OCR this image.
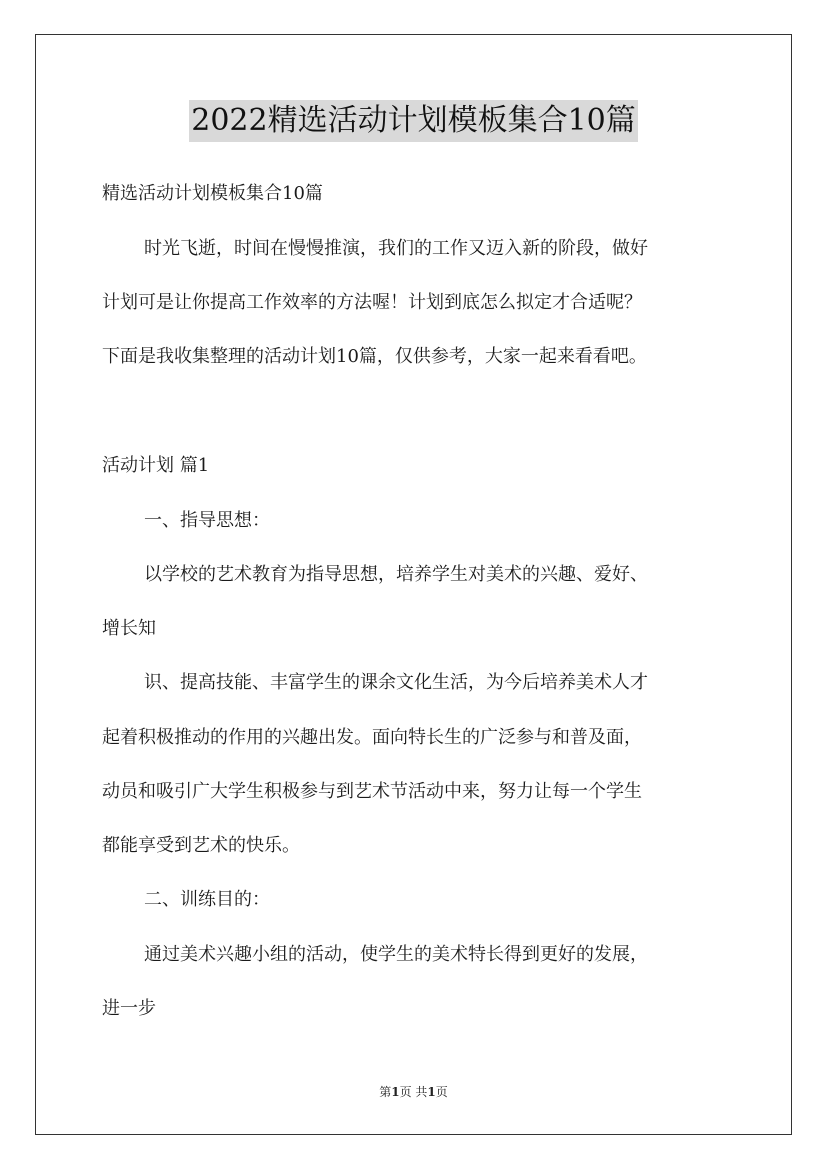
2022精选活动计划模板集合10篇
精选活动计划模板集合10篇
时光飞逝，时间在慢慢推演，我们的工作又迈入新的阶段，做好
计划可是让你提高工作效率的方法喔！计划到底怎么拟定才合适呢？
下面是我收集整理的活动计划10篇，仅供参考，大家一起来看看吧。
活动计划 篇1
一、指导思想：
以学校的艺术教育为指导思想，培养学生对美术的兴趣、爱好、
增长知
识、提高技能、丰富学生的课余文化生活，为今后培养美术人才
起着积极推动的作用的兴趣出发。面向特长生的广泛参与和普及面，
动员和吸引广大学生积极参与到艺术节活动中来，努力让每一个学生
都能享受到艺术的快乐。
二、训练目的：
通过美术兴趣小组的活动，使学生的美术特长得到更好的发展，
进一步
第1页 共1页
